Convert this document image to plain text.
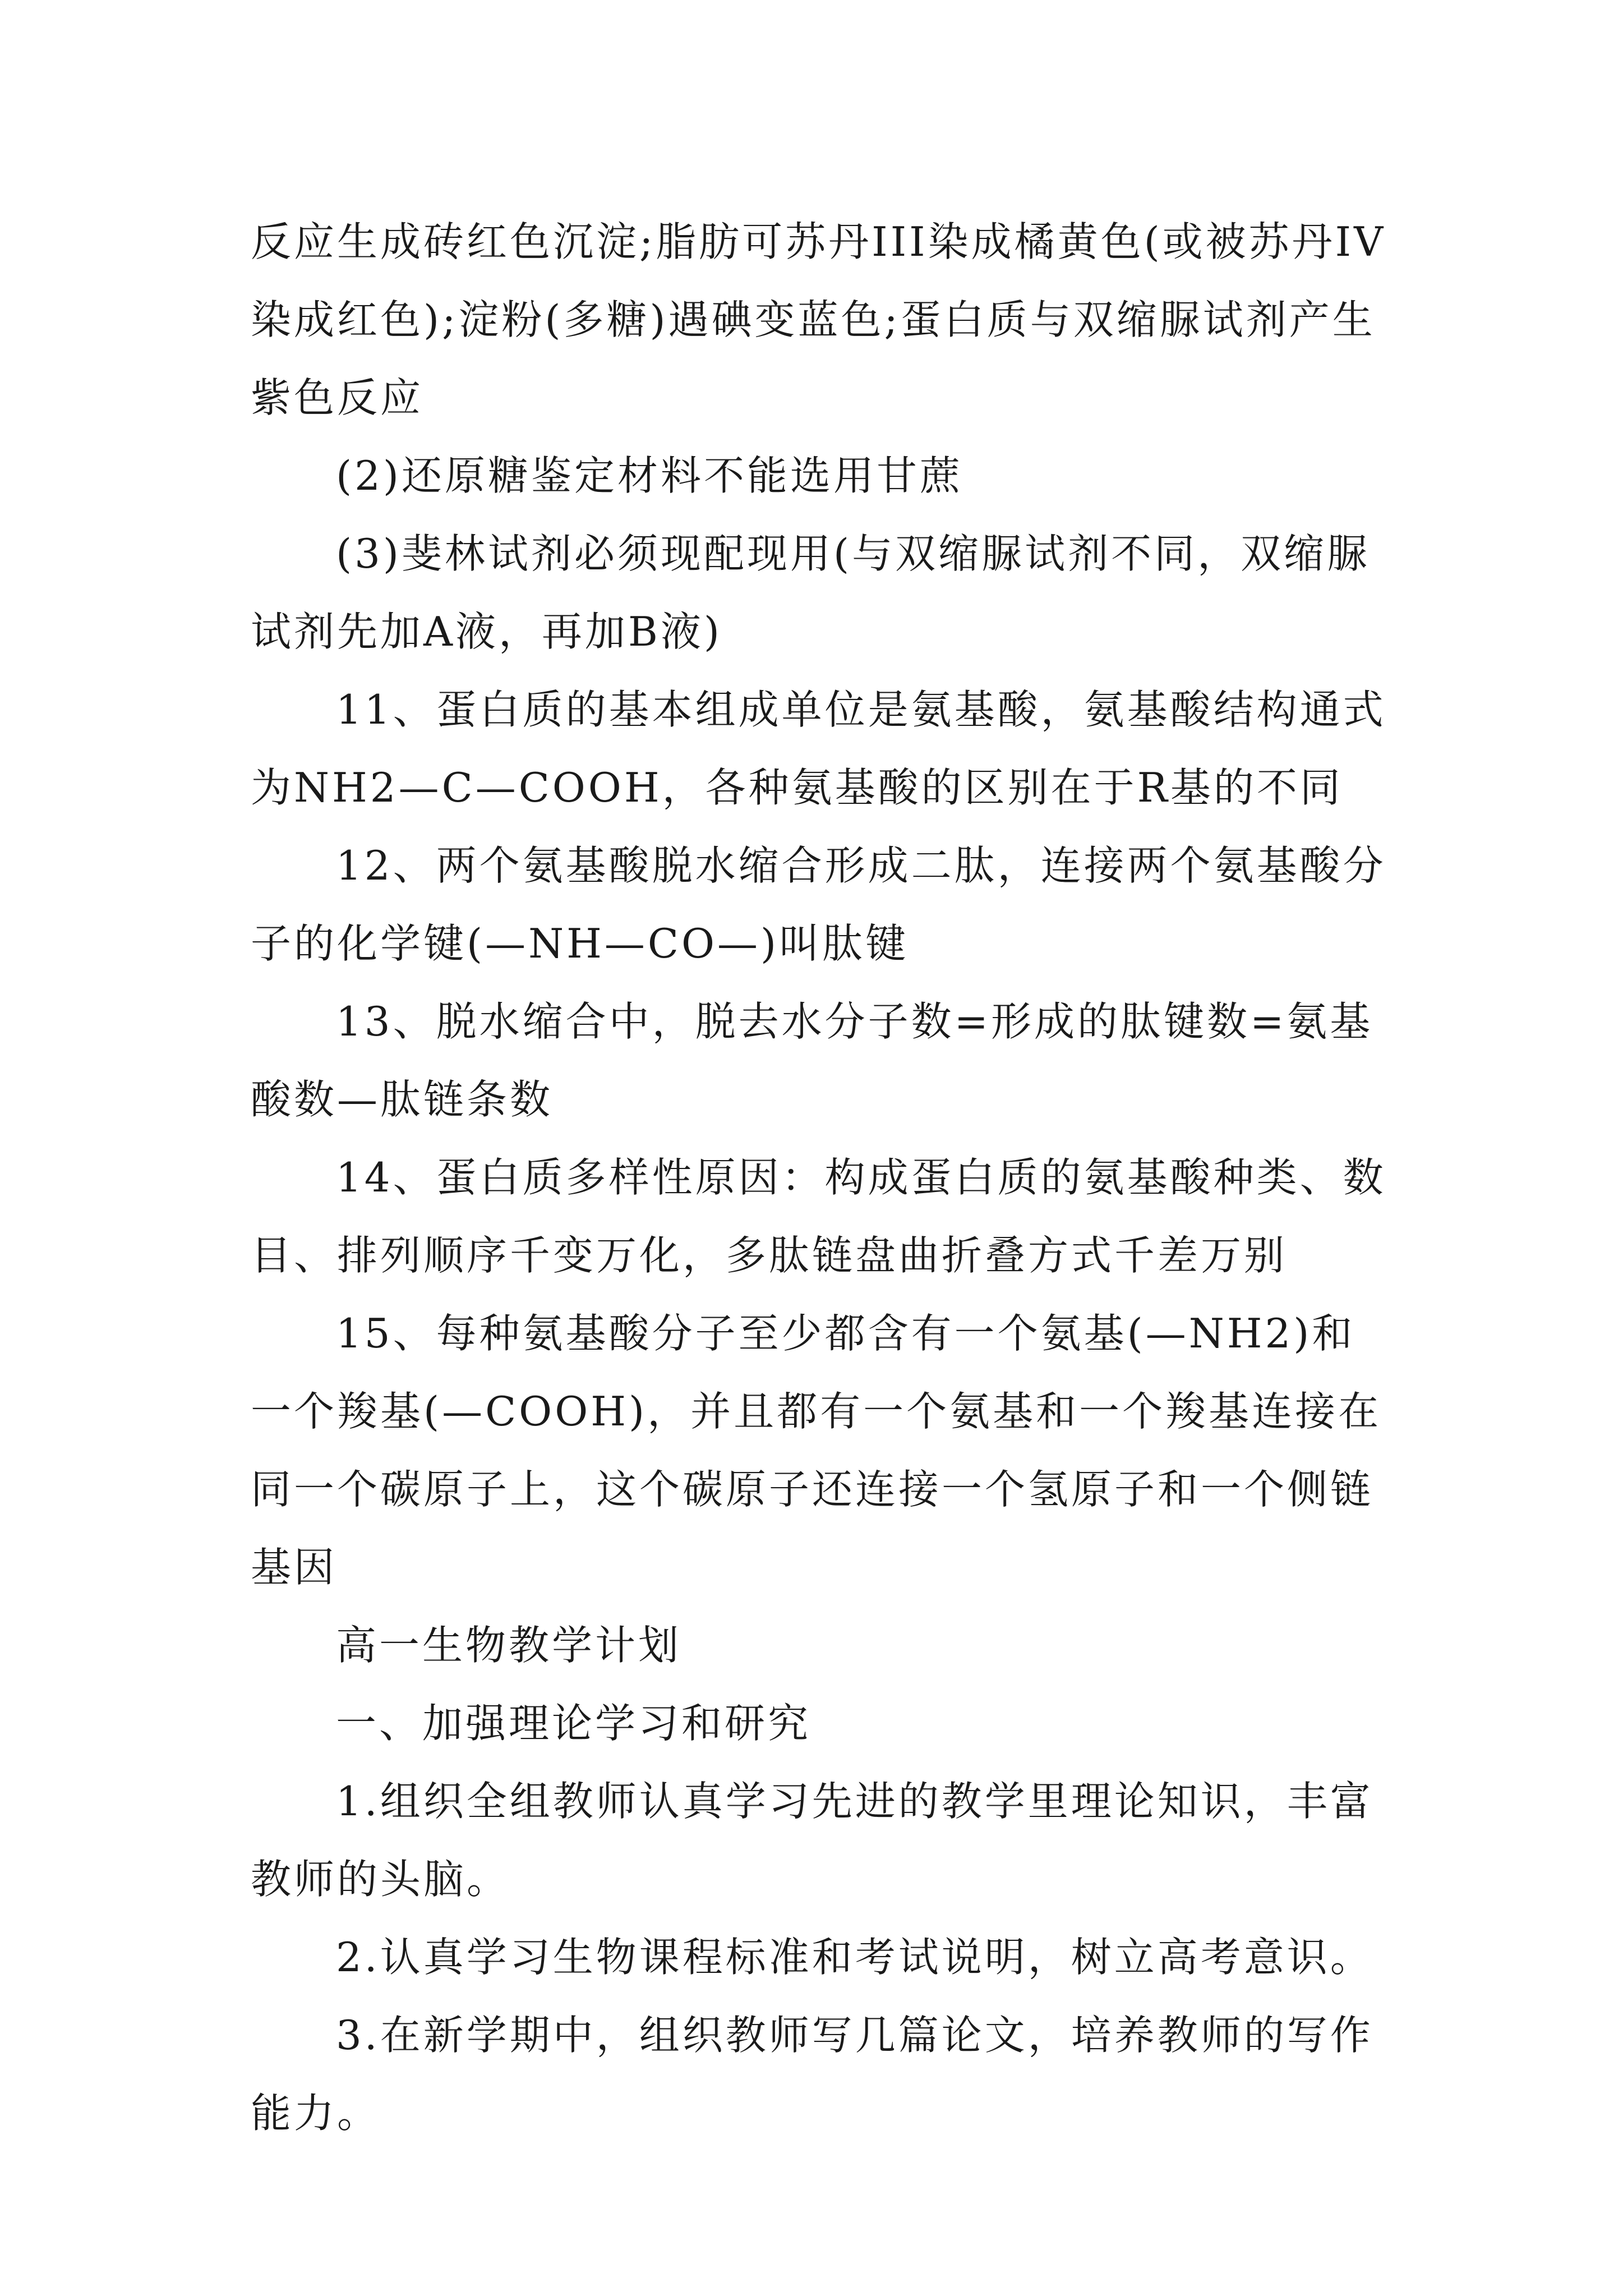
反应生成砖红色沉淀;脂肪可苏丹III染成橘黄色(或被苏丹IV染成红色);淀粉(多糖)遇碘变蓝色;蛋白质与双缩脲试剂产生紫色反应

(2)还原糖鉴定材料不能选用甘蔗

(3)斐林试剂必须现配现用(与双缩脲试剂不同，双缩脲试剂先加A液，再加B液)

11、蛋白质的基本组成单位是氨基酸，氨基酸结构通式为NH2—C—COOH，各种氨基酸的区别在于R基的不同

12、两个氨基酸脱水缩合形成二肽，连接两个氨基酸分子的化学键(—NH—CO—)叫肽键

13、脱水缩合中，脱去水分子数=形成的肽键数=氨基酸数—肽链条数

14、蛋白质多样性原因：构成蛋白质的氨基酸种类、数目、排列顺序千变万化，多肽链盘曲折叠方式千差万别

15、每种氨基酸分子至少都含有一个氨基(—NH2)和一个羧基(—COOH)，并且都有一个氨基和一个羧基连接在同一个碳原子上，这个碳原子还连接一个氢原子和一个侧链基因

高一生物教学计划

一、加强理论学习和研究

1.组织全组教师认真学习先进的教学里理论知识，丰富教师的头脑。

2.认真学习生物课程标准和考试说明，树立高考意识。

3.在新学期中，组织教师写几篇论文，培养教师的写作能力。
